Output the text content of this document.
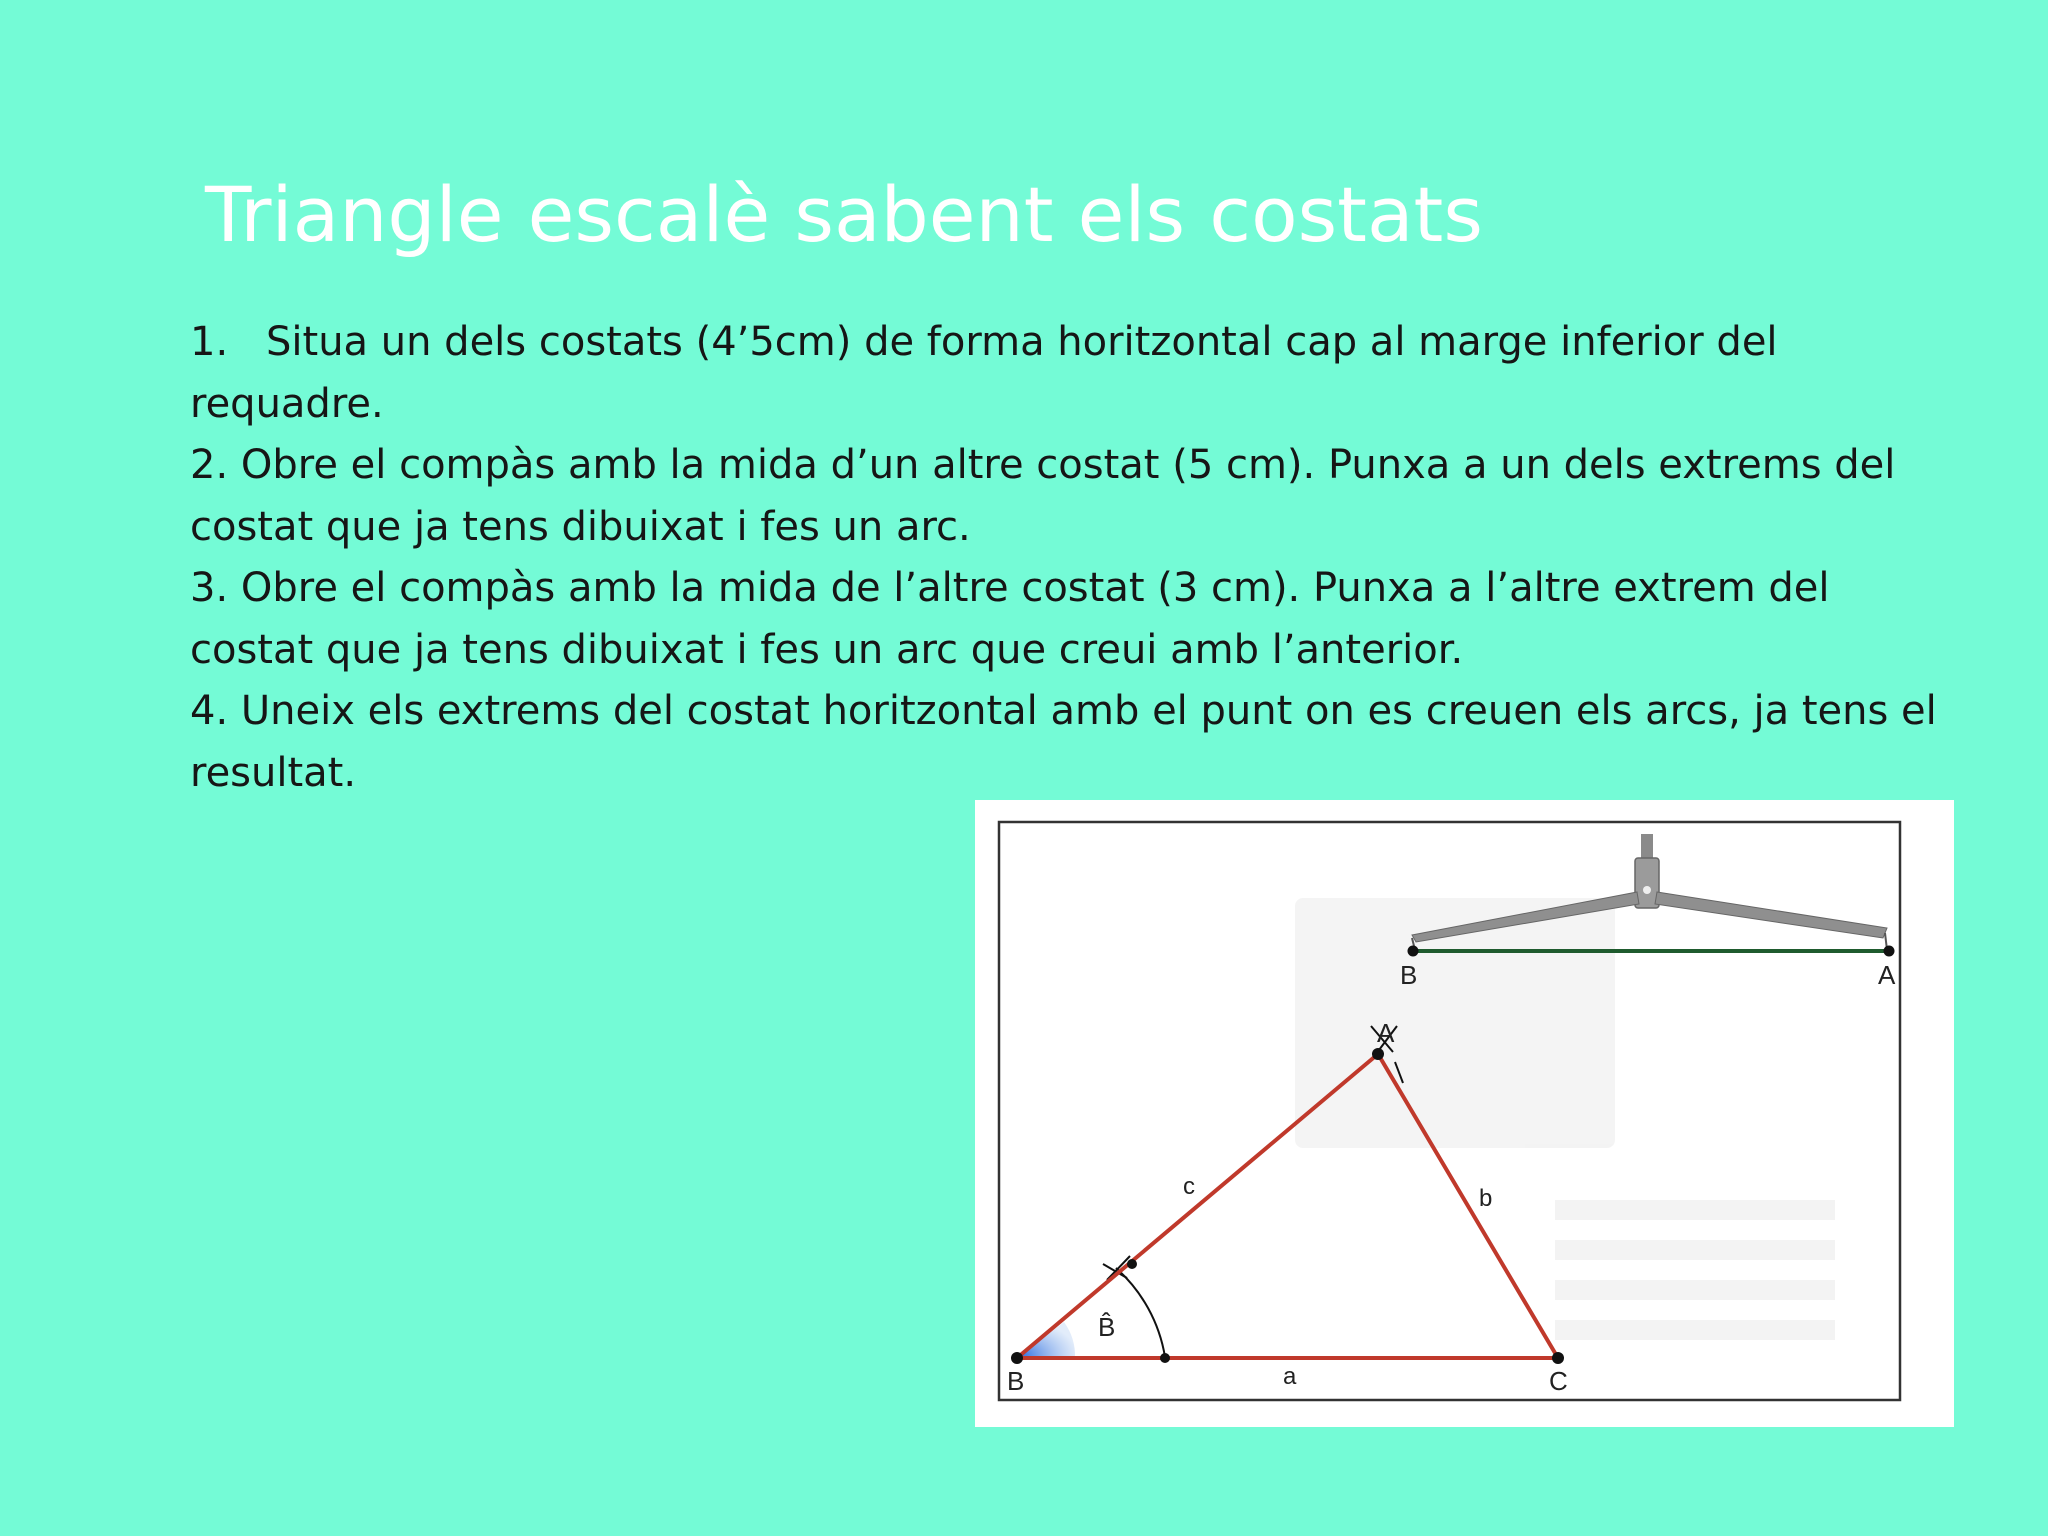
Triangle escalè sabent els costats
1. Situa un dels costats (4’5cm) de forma horitzontal cap al marge inferior del requadre.
2. Obre el compàs amb la mida d’un altre costat (5 cm). Punxa a un dels extrems del costat que ja tens dibuixat i fes un arc.
3. Obre el compàs amb la mida de l’altre costat (3 cm). Punxa a l’altre extrem del costat que ja tens dibuixat i fes un arc que creui amb l’anterior.
4. Uneix els extrems del costat horitzontal amb el punt on es creuen els arcs, ja tens el resultat.
B	A
B
A
C
a
b
c
B̂
